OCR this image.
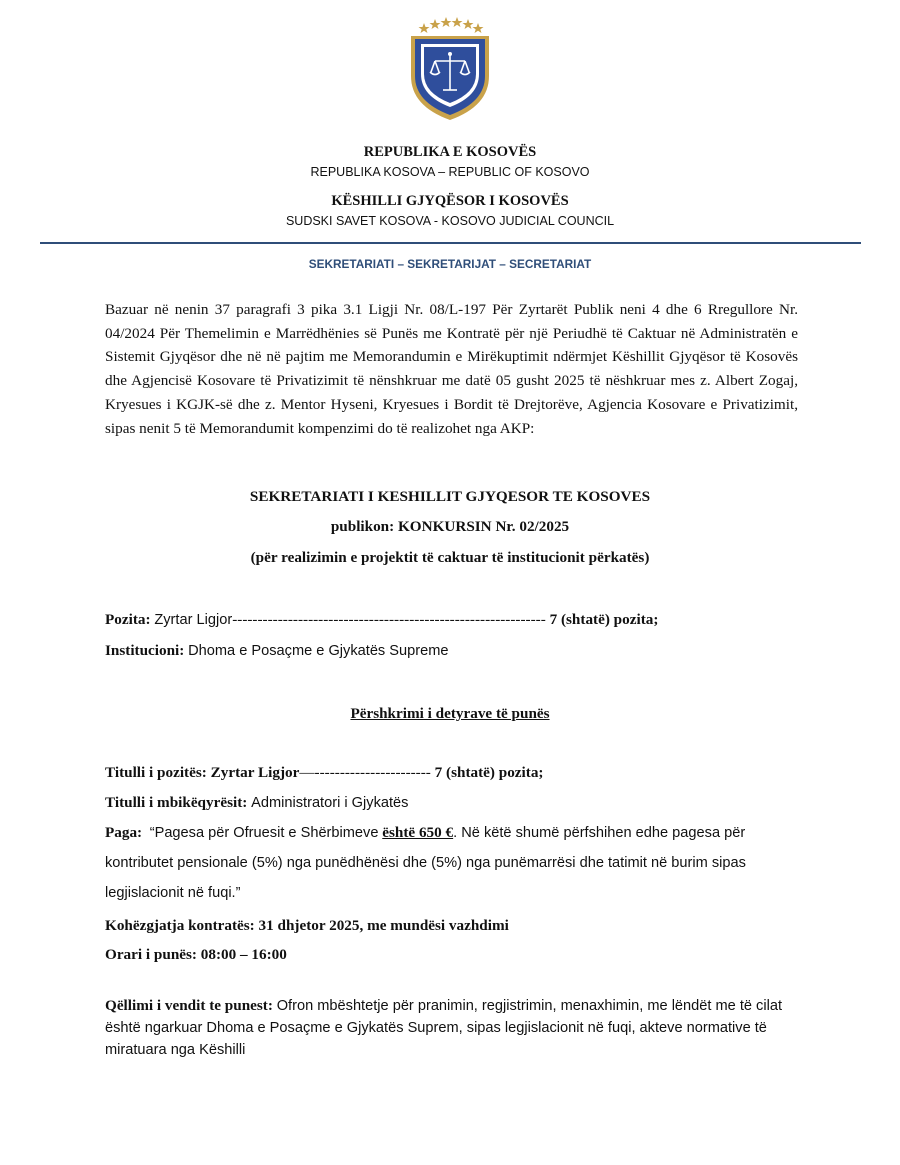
REPUBLIKA E KOSOVËS
REPUBLIKA KOSOVA – REPUBLIC OF KOSOVO
KËSHILLI GJYQËSOR I KOSOVËS
SUDSKI SAVET KOSOVA - KOSOVO JUDICIAL COUNCIL
SEKRETARIATI – SEKRETARIJAT – SECRETARIAT
Bazuar në nenin 37 paragrafi 3 pika 3.1 Ligji Nr. 08/L-197 Për Zyrtarët Publik neni 4 dhe 6 Rregullore Nr. 04/2024 Për Themelimin e Marrëdhënies së Punës me Kontratë për një Periudhë të Caktuar në Administratën e Sistemit Gjyqësor dhe në në pajtim me Memorandumin e Mirëkuptimit ndërmjet Këshillit Gjyqësor të Kosovës dhe Agjencisë Kosovare të Privatizimit të nënshkruar me datë 05 gusht 2025 të nëshkruar mes z. Albert Zogaj, Kryesues i KGJK-së dhe z. Mentor Hyseni, Kryesues i Bordit të Drejtorëve, Agjencia Kosovare e Privatizimit, sipas nenit 5 të Memorandumit kompenzimi do të realizohet nga AKP:
SEKRETARIATI I KESHILLIT GJYQESOR TE KOSOVES
publikon: KONKURSIN Nr. 02/2025
(për realizimin e projektit të caktuar të institucionit përkatës)
Pozita: Zyrtar Ligjor-------------------------------------------------------------- 7 (shtatë) pozita;
Institucioni: Dhoma e Posaçme e Gjykatës Supreme
Përshkrimi i detyrave të punës
Titulli i pozitës: Zyrtar Ligjor—----------------------- 7 (shtatë) pozita;
Titulli i mbikëqyrësit: Administratori i Gjykatës
Paga: “Pagesa për Ofruesit e Shërbimeve është 650 €. Në këtë shumë përfshihen edhe pagesa për kontributet pensionale (5%) nga punëdhënësi dhe (5%) nga punëmarrësi dhe tatimit në burim sipas legjislacionit në fuqi.”
Kohëzgjatja kontratës: 31 dhjetor 2025, me mundësi vazhdimi
Orari i punës: 08:00 – 16:00
Qëllimi i vendit te punest: Ofron mbështetje për pranimin, regjistrimin, menaxhimin, me lëndët me të cilat është ngarkuar Dhoma e Posaçme e Gjykatës Suprem, sipas legjislacionit në fuqi, akteve normative të miratuara nga Këshilli
